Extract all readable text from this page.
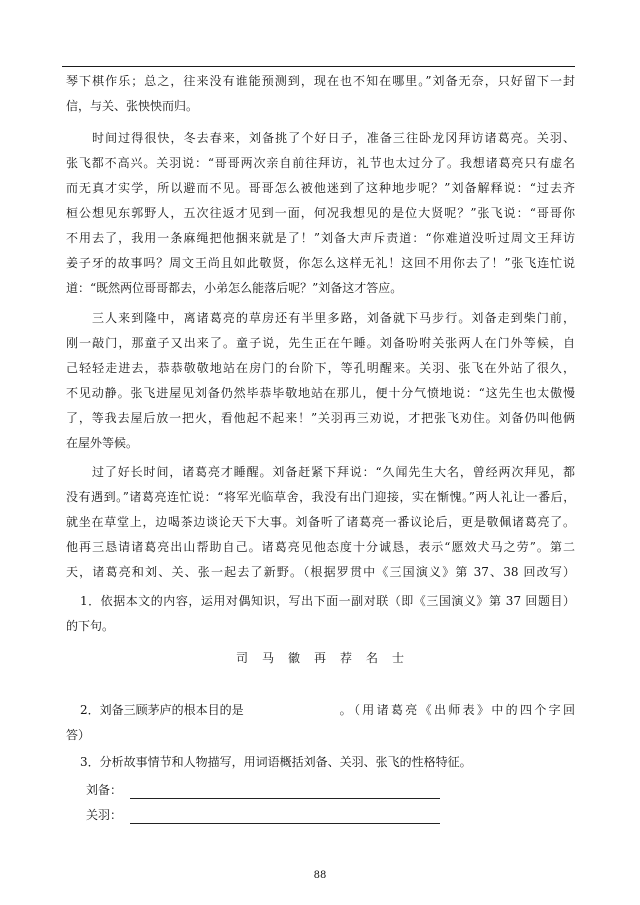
琴下棋作乐；总之，往来没有谁能预测到，现在也不知在哪里。”刘备无奈，只好留下一封
信，与关、张怏怏而归。
时间过得很快，冬去春来，刘备挑了个好日子，准备三往卧龙冈拜访诸葛亮。关羽、
张飞都不高兴。关羽说：“哥哥两次亲自前往拜访，礼节也太过分了。我想诸葛亮只有虚名
而无真才实学，所以避而不见。哥哥怎么被他迷到了这种地步呢？”刘备解释说：“过去齐
桓公想见东郭野人，五次往返才见到一面，何况我想见的是位大贤呢？”张飞说：“哥哥你
不用去了，我用一条麻绳把他捆来就是了！”刘备大声斥责道：“你难道没听过周文王拜访
姜子牙的故事吗？周文王尚且如此敬贤，你怎么这样无礼！这回不用你去了！”张飞连忙说
道：“既然两位哥哥都去，小弟怎么能落后呢？”刘备这才答应。
三人来到隆中，离诸葛亮的草房还有半里多路，刘备就下马步行。刘备走到柴门前，
刚一敲门，那童子又出来了。童子说，先生正在午睡。刘备吩咐关张两人在门外等候，自
己轻轻走进去，恭恭敬敬地站在房门的台阶下，等孔明醒来。关羽、张飞在外站了很久，
不见动静。张飞进屋见刘备仍然毕恭毕敬地站在那儿，便十分气愤地说：“这先生也太傲慢
了，等我去屋后放一把火，看他起不起来！”关羽再三劝说，才把张飞劝住。刘备仍叫他俩
在屋外等候。
过了好长时间，诸葛亮才睡醒。刘备赶紧下拜说：“久闻先生大名，曾经两次拜见，都
没有遇到。”诸葛亮连忙说：“将军光临草舍，我没有出门迎接，实在惭愧。”两人礼让一番后，
就坐在草堂上，边喝茶边谈论天下大事。刘备听了诸葛亮一番议论后，更是敬佩诸葛亮了。
他再三恳请诸葛亮出山帮助自己。诸葛亮见他态度十分诚恳，表示“愿效犬马之劳”。第二
天，诸葛亮和刘、关、张一起去了新野。（根据罗贯中《三国演义》第 37、38 回改写）
1．依据本文的内容，运用对偶知识，写出下面一副对联（即《三国演义》第 37 回题目）
的下句。
司马徽再荐名士
2．刘备三顾茅庐的根本目的是	。（用诸葛亮《出师表》中的四个字回
答）
3．分析故事情节和人物描写，用词语概括刘备、关羽、张飞的性格特征。
刘备：
关羽：
88
